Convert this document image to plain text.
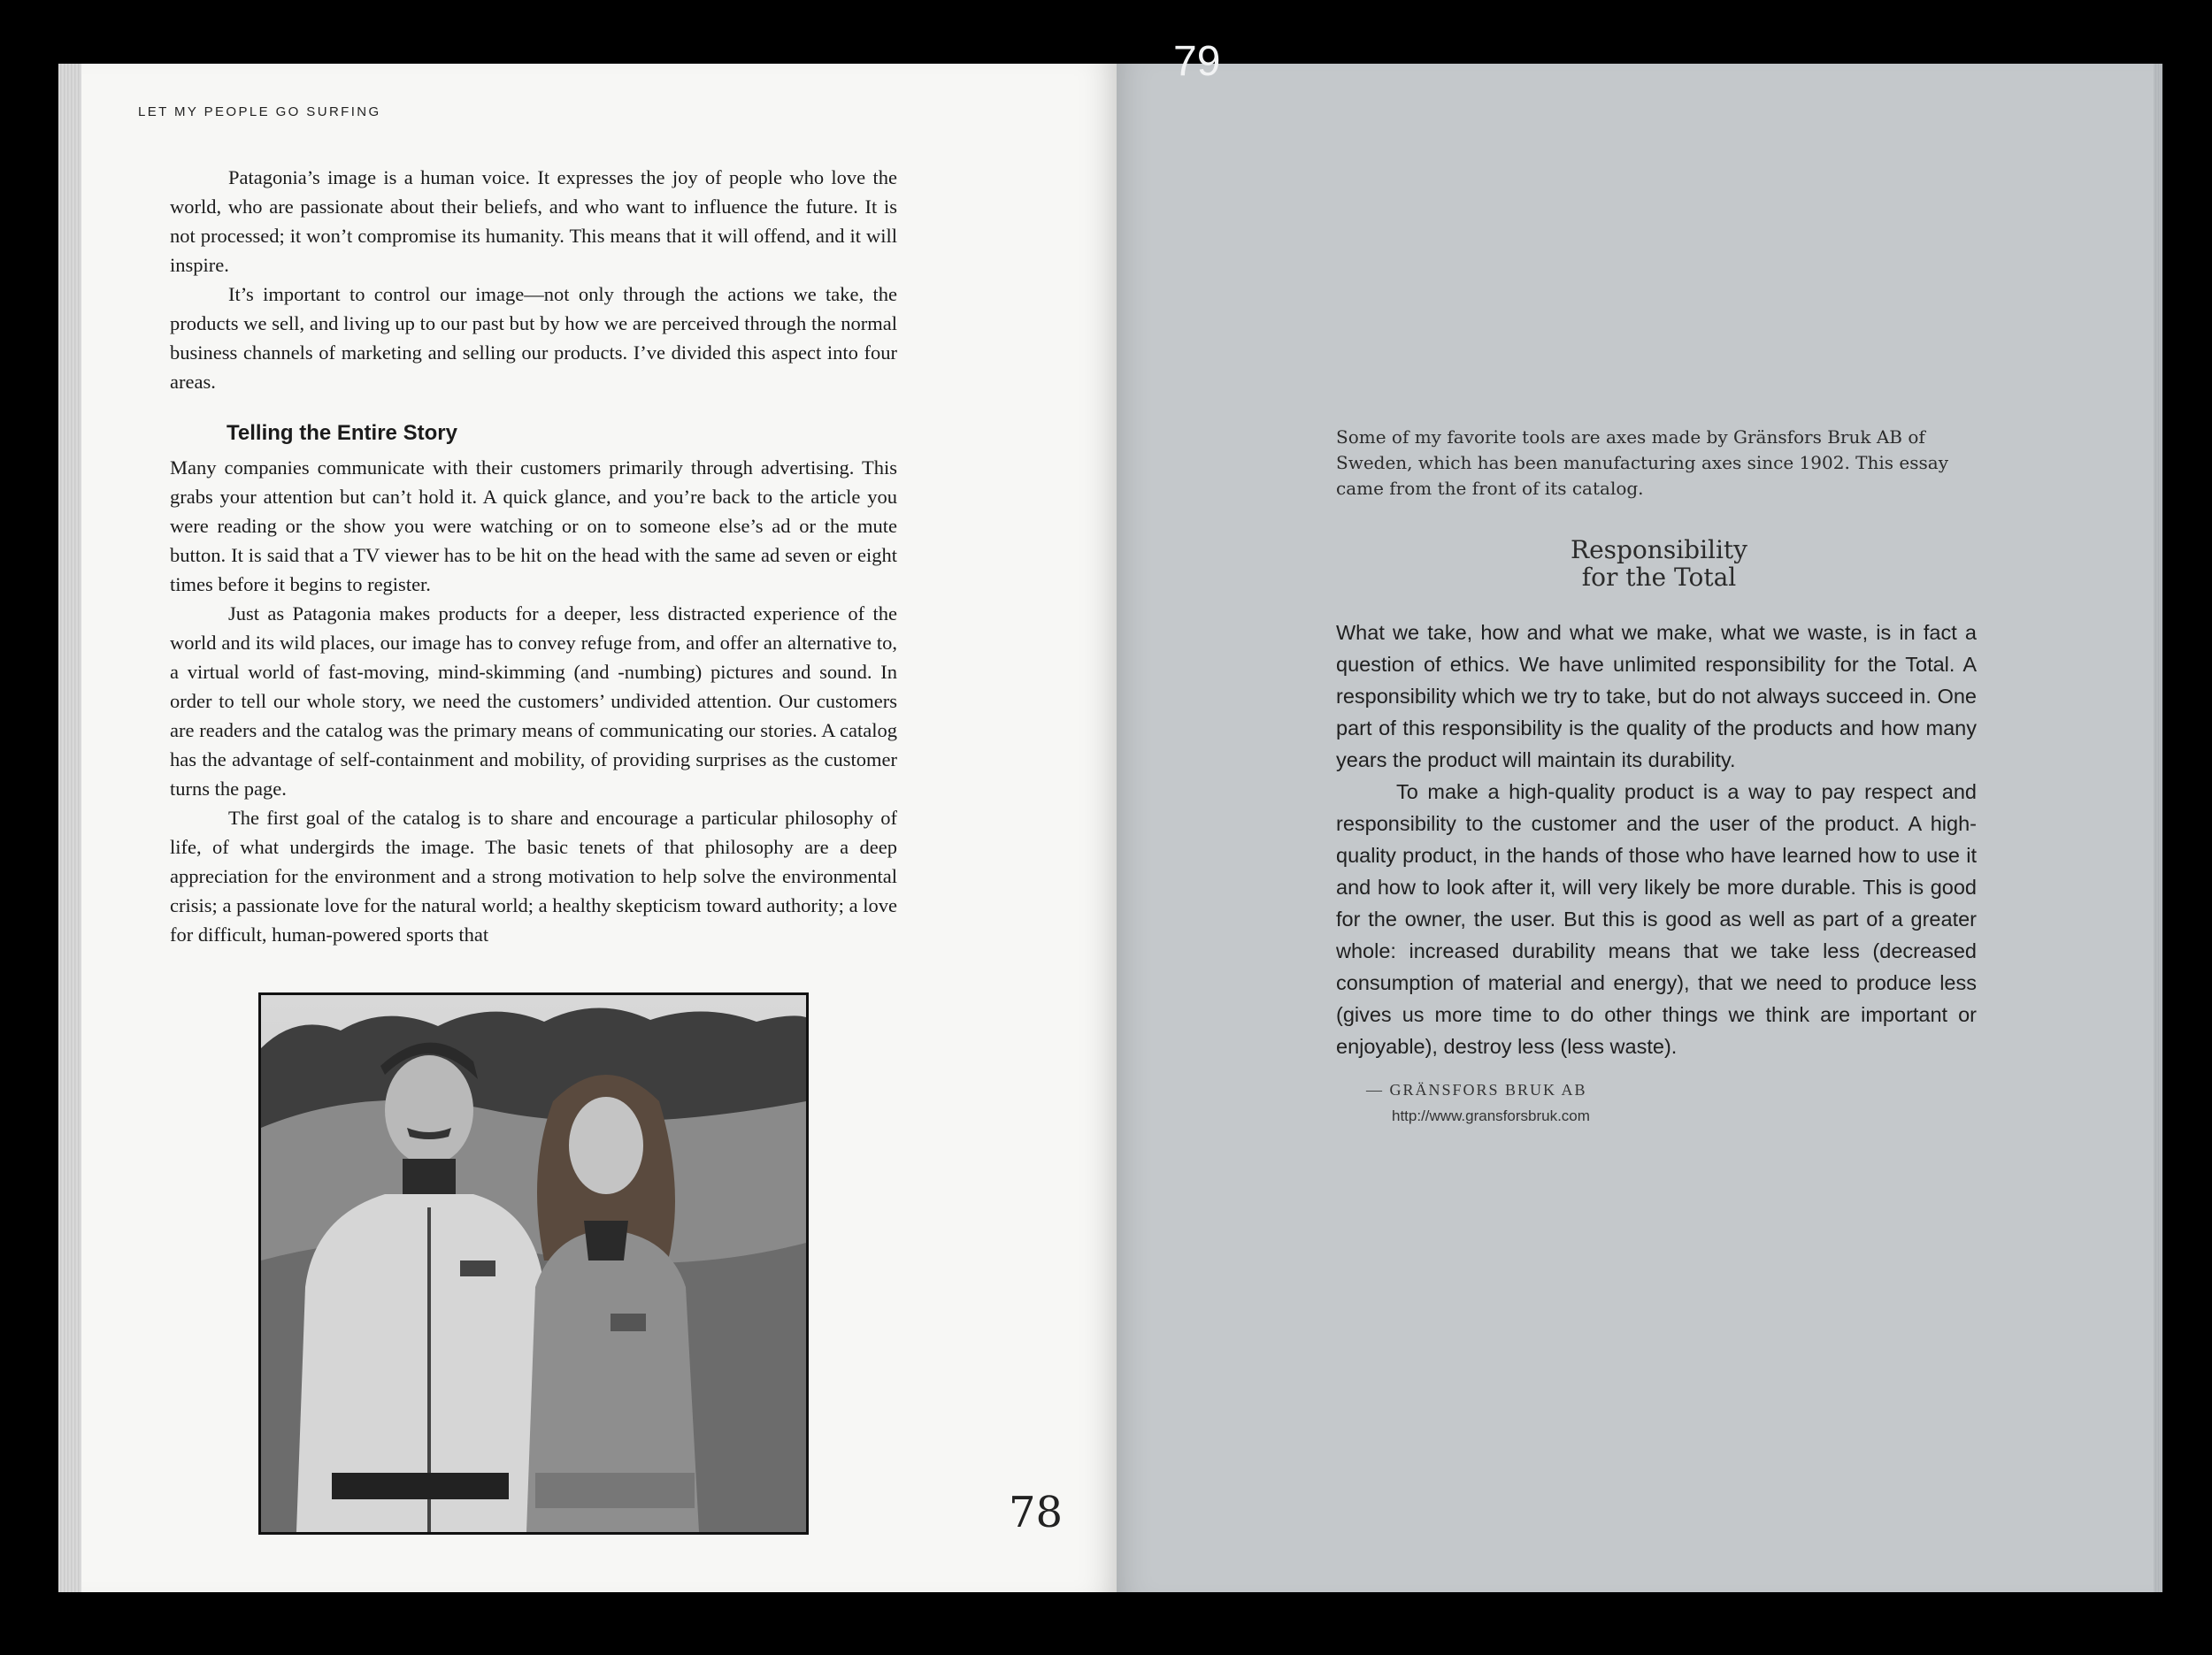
LET MY PEOPLE GO SURFING

Patagonia’s image is a human voice. It expresses the joy of people who love the world, who are passionate about their beliefs, and who want to influence the future. It is not processed; it won’t compromise its humanity. This means that it will offend, and it will inspire.

It’s important to control our image—not only through the actions we take, the products we sell, and living up to our past but by how we are perceived through the normal business channels of marketing and selling our products. I’ve divided this aspect into four areas.

Telling the Entire Story

Many companies communicate with their customers primarily through advertising. This grabs your attention but can’t hold it. A quick glance, and you’re back to the article you were reading or the show you were watching or on to someone else’s ad or the mute button. It is said that a TV viewer has to be hit on the head with the same ad seven or eight times before it begins to register.

Just as Patagonia makes products for a deeper, less distracted experience of the world and its wild places, our image has to convey refuge from, and offer an alternative to, a virtual world of fast-moving, mind-skimming (and -numbing) pictures and sound. In order to tell our whole story, we need the customers’ undivided attention. Our customers are readers and the catalog was the primary means of communicating our stories. A catalog has the advantage of self-containment and mobility, of providing surprises as the customer turns the page.

The first goal of the catalog is to share and encourage a particular philosophy of life, of what undergirds the image. The basic tenets of that philosophy are a deep appreciation for the environment and a strong motivation to help solve the environmental crisis; a passionate love for the natural world; a healthy skepticism toward authority; a love for difficult, human-powered sports that

78
79
Some of my favorite tools are axes made by Gränsfors Bruk AB of Sweden, which has been manufacturing axes since 1902. This essay came from the front of its catalog.
Responsibility
for the Total

What we take, how and what we make, what we waste, is in fact a question of ethics. We have unlimited responsibility for the Total. A responsibility which we try to take, but do not always succeed in. One part of this responsibility is the quality of the products and how many years the product will maintain its durability.

To make a high-quality product is a way to pay respect and responsibility to the customer and the user of the product. A high-quality product, in the hands of those who have learned how to use it and how to look after it, will very likely be more durable. This is good for the owner, the user. But this is good as well as part of a greater whole: increased durability means that we take less (decreased consumption of material and energy), that we need to produce less (gives us more time to do other things we think are important or enjoyable), destroy less (less waste).

— GRÄNSFORS BRUK AB
http://www.gransforsbruk.com
